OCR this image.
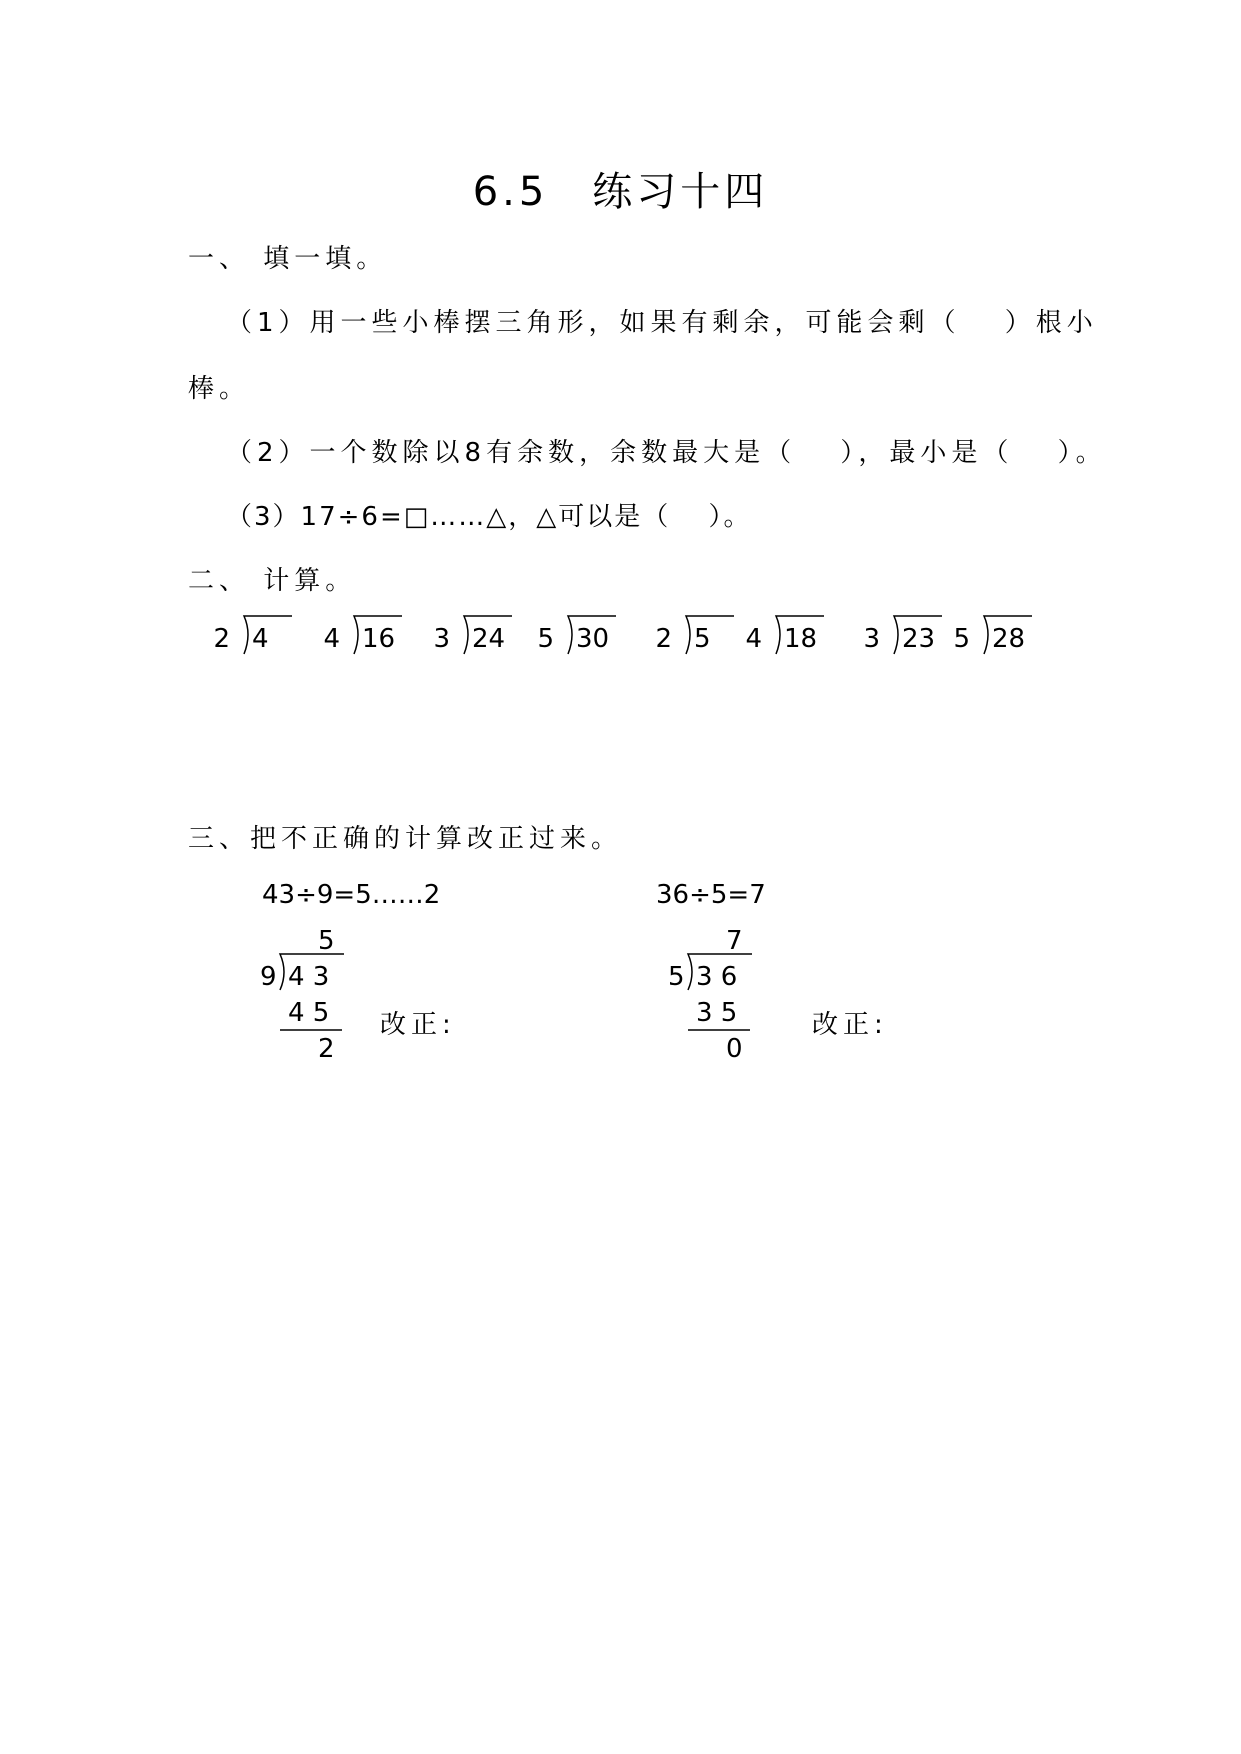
6.5　练习十四
一、 填一填。
（1）用一些小棒摆三角形，如果有剩余，可能会剩（　 ）根小
棒。
（2）一个数除以8有余数，余数最大是（　 ），最小是（　 ）。
（3）17÷6=□……△，△可以是（　 ）。
二、 计算。
2 4 4 16 3 24 5 30 2 5 4 18 3 23 5 28
三、把不正确的计算改正过来。
43÷9=5……2	36÷5=7
5
9 4 3
4 5
2
改正:
7
5 3 6
3 5
0
改正:
